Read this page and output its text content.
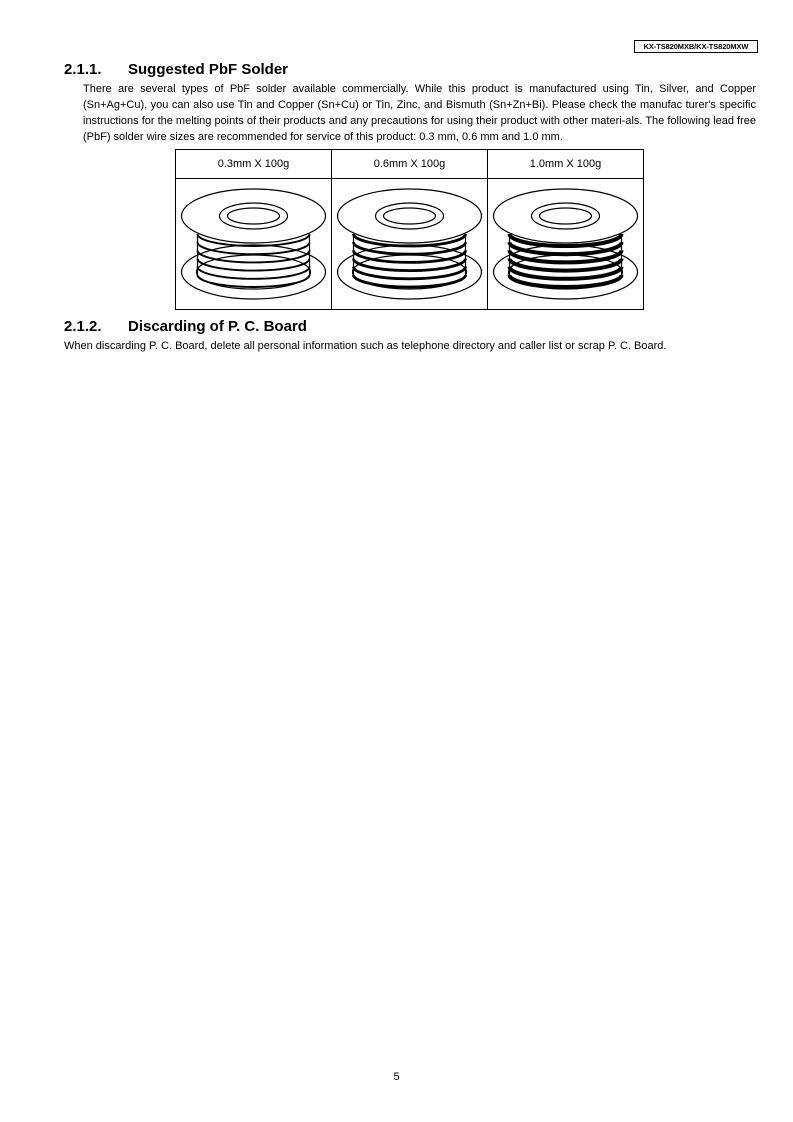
KX-TS820MXB/KX-TS820MXW
2.1.1. Suggested PbF Solder
There are several types of PbF solder available commercially. While this product is manufactured using Tin, Silver, and Copper (Sn+Ag+Cu), you can also use Tin and Copper (Sn+Cu) or Tin, Zinc, and Bismuth (Sn+Zn+Bi). Please check the manufac turer's specific instructions for the melting points of their products and any precautions for using their product with other materi-als. The following lead free (PbF) solder wire sizes are recommended for service of this product: 0.3 mm, 0.6 mm and 1.0 mm.
0.3mm X 100g	0.6mm X 100g	1.0mm X 100g

2.1.2. Discarding of P. C. Board
When discarding P. C. Board, delete all personal information such as telephone directory and caller list or scrap P. C. Board.
5
